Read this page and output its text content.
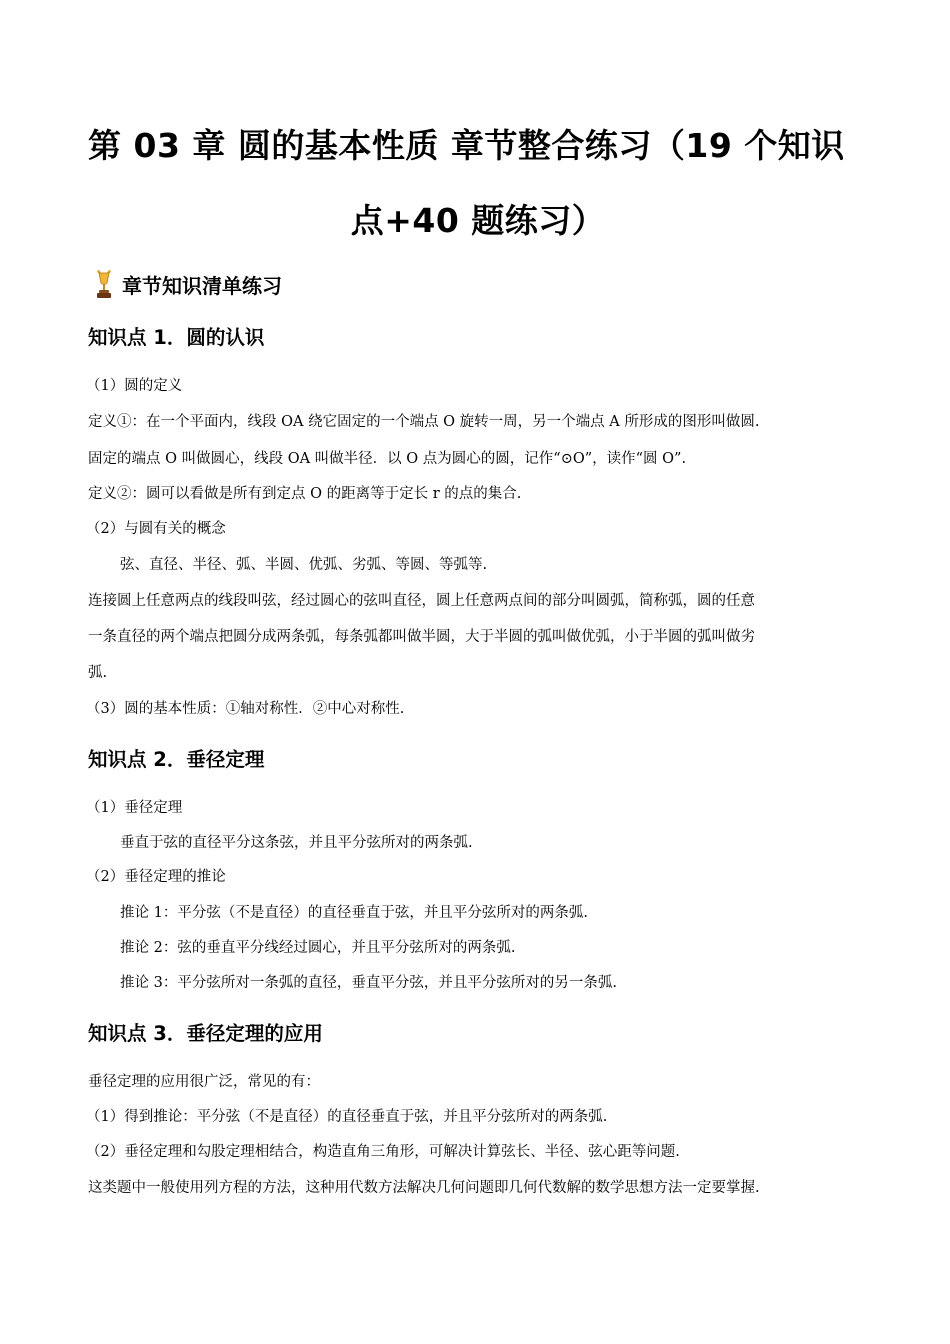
第 03 章 圆的基本性质 章节整合练习（19 个知识
点+40 题练习）
章节知识清单练习
知识点 1．圆的认识
（1）圆的定义
定义①：在一个平面内，线段 OA 绕它固定的一个端点 O 旋转一周，另一个端点 A 所形成的图形叫做圆.
固定的端点 O 叫做圆心，线段 OA 叫做半径．以 O 点为圆心的圆，记作“⊙O”，读作“圆 O”.
定义②：圆可以看做是所有到定点 O 的距离等于定长 r 的点的集合.
（2）与圆有关的概念
弦、直径、半径、弧、半圆、优弧、劣弧、等圆、等弧等.
连接圆上任意两点的线段叫弦，经过圆心的弦叫直径，圆上任意两点间的部分叫圆弧，简称弧，圆的任意
一条直径的两个端点把圆分成两条弧，每条弧都叫做半圆，大于半圆的弧叫做优弧，小于半圆的弧叫做劣
弧.
（3）圆的基本性质：①轴对称性．②中心对称性.
知识点 2．垂径定理
（1）垂径定理
垂直于弦的直径平分这条弦，并且平分弦所对的两条弧.
（2）垂径定理的推论
推论 1：平分弦（不是直径）的直径垂直于弦，并且平分弦所对的两条弧.
推论 2：弦的垂直平分线经过圆心，并且平分弦所对的两条弧.
推论 3：平分弦所对一条弧的直径，垂直平分弦，并且平分弦所对的另一条弧.
知识点 3．垂径定理的应用
垂径定理的应用很广泛，常见的有：
（1）得到推论：平分弦（不是直径）的直径垂直于弦，并且平分弦所对的两条弧.
（2）垂径定理和勾股定理相结合，构造直角三角形，可解决计算弦长、半径、弦心距等问题.
这类题中一般使用列方程的方法，这种用代数方法解决几何问题即几何代数解的数学思想方法一定要掌握.
